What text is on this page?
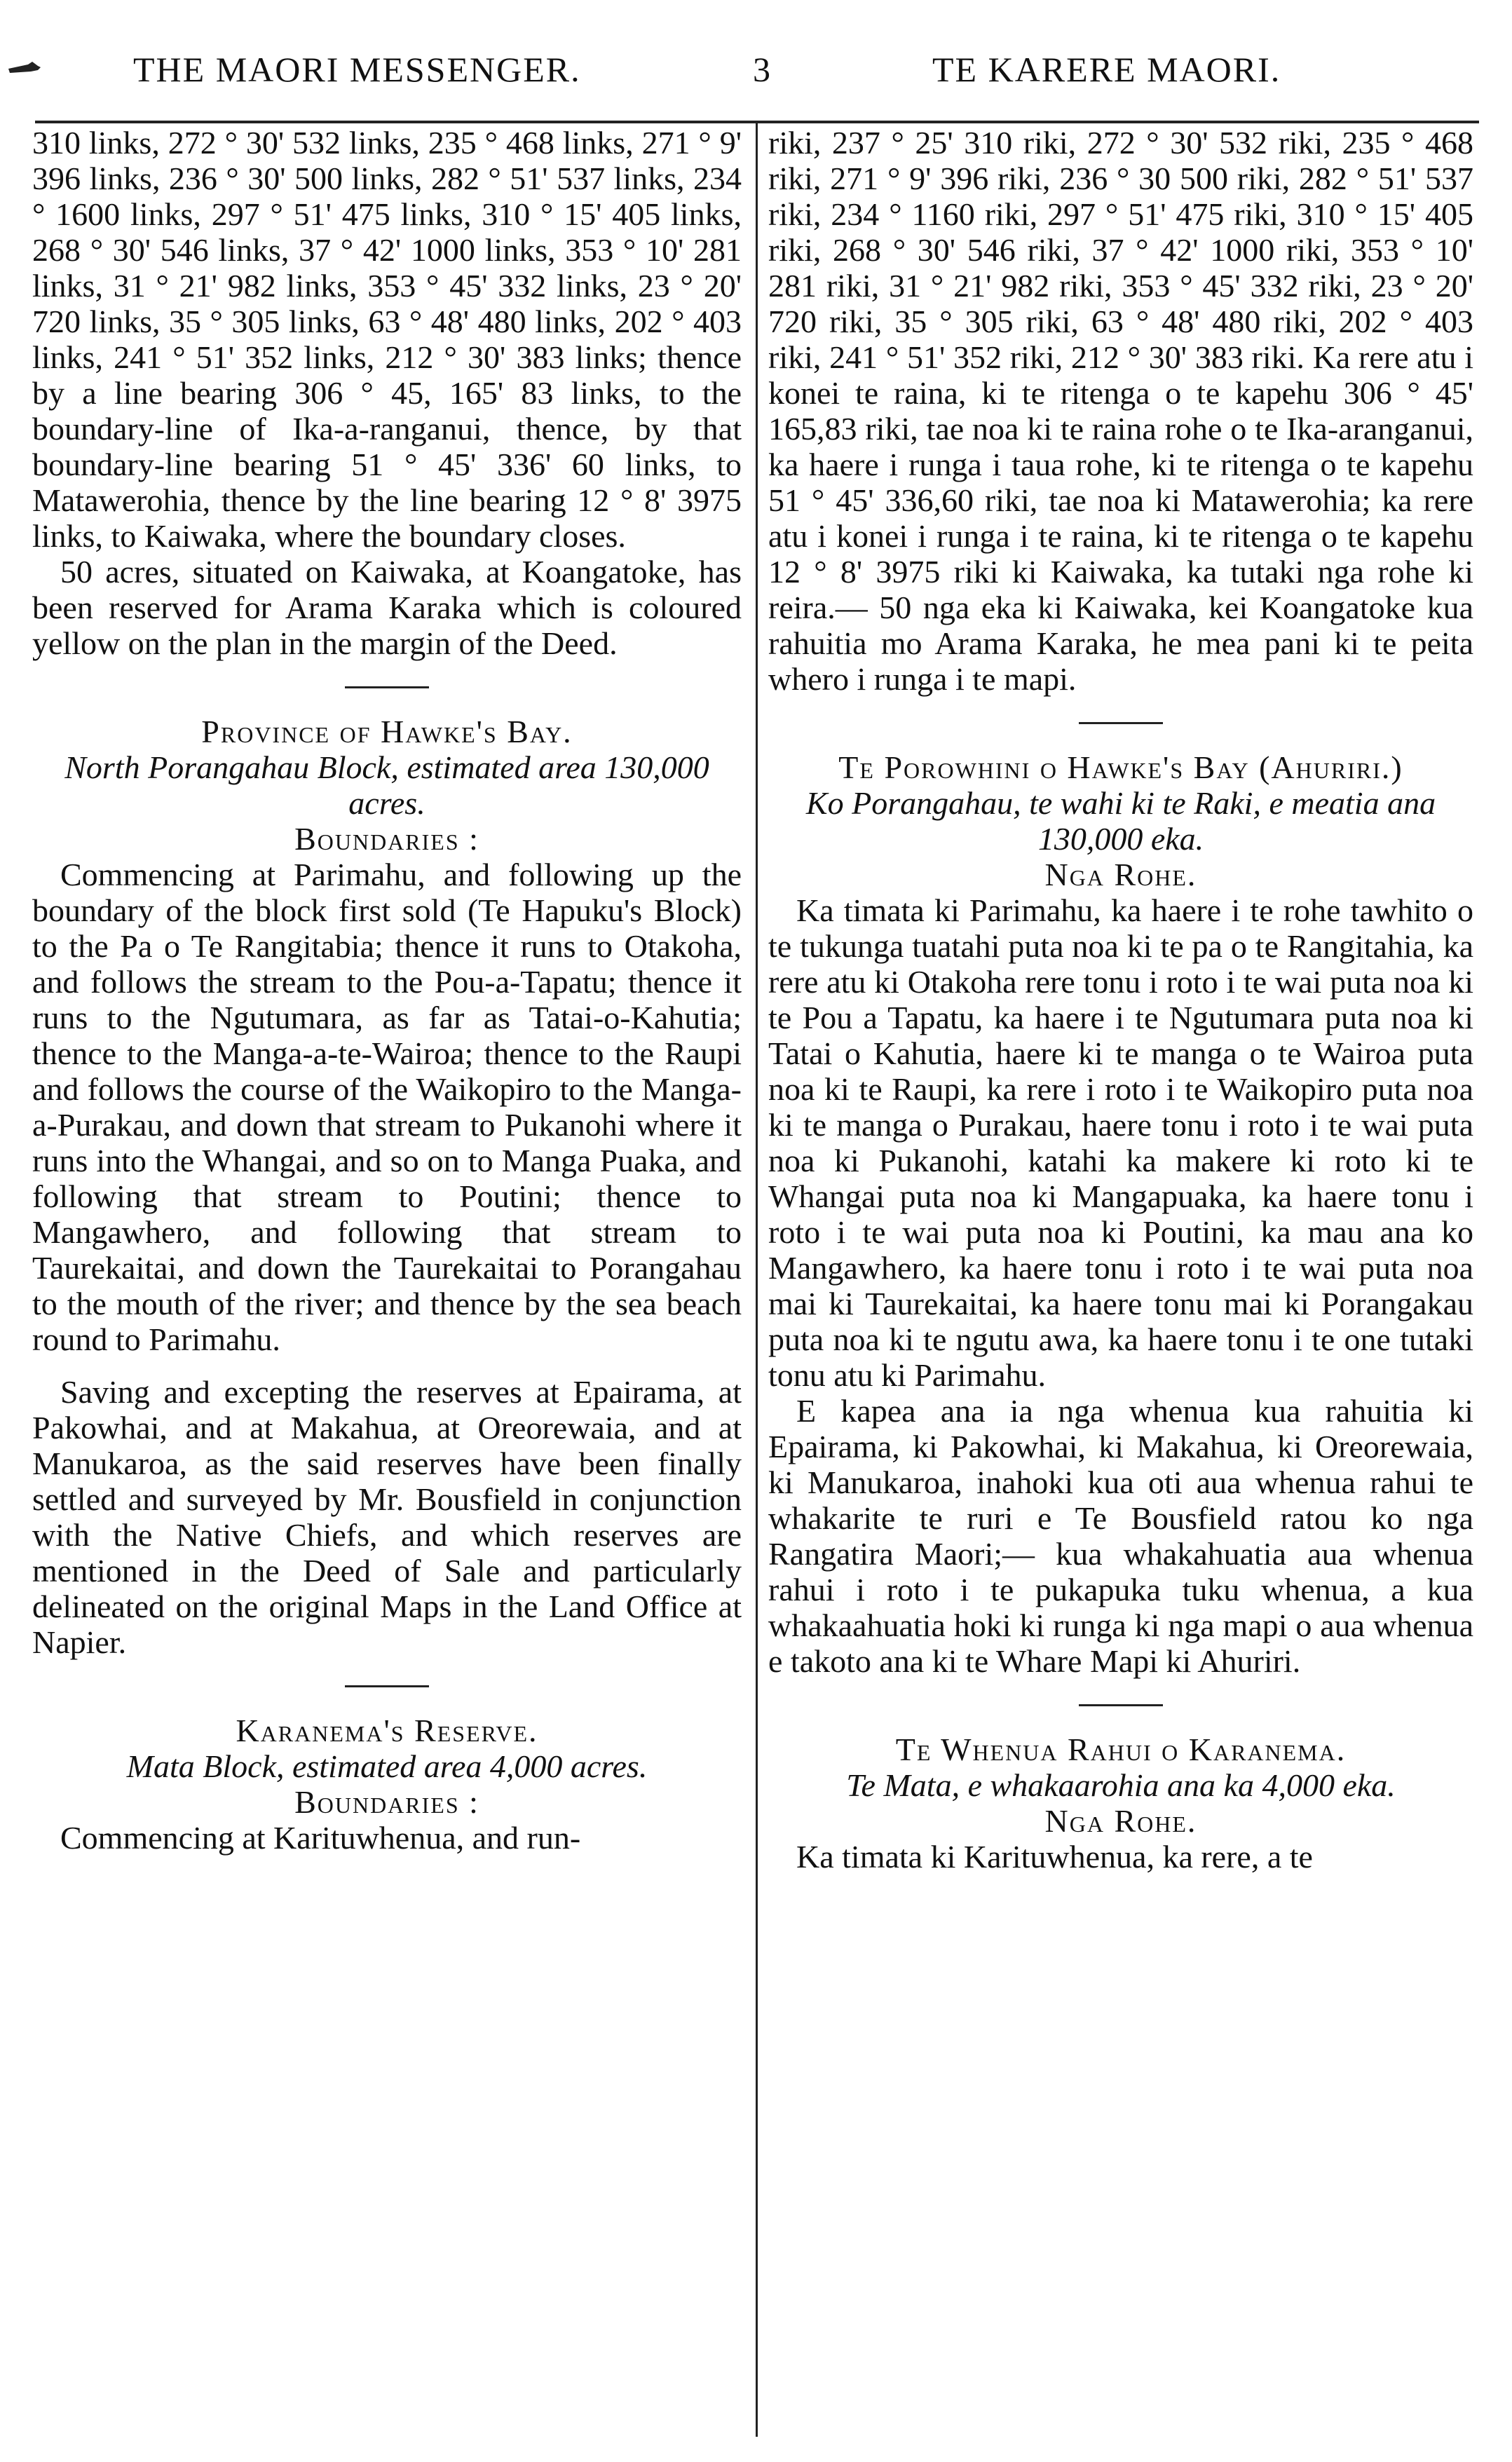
THE MAORI MESSENGER.	3	TE KARERE MAORI.

310 links, 272 ° 30' 532 links, 235 ° 468 links, 271 ° 9' 396 links, 236 ° 30' 500 links, 282 ° 51' 537 links, 234 ° 1600 links, 297 ° 51' 475 links, 310 ° 15' 405 links, 268 ° 30' 546 links, 37 ° 42' 1000 links, 353 ° 10' 281 links, 31 ° 21' 982 links, 353 ° 45' 332 links, 23 ° 20' 720 links, 35 ° 305 links, 63 ° 48' 480 links, 202 ° 403 links, 241 ° 51' 352 links, 212 ° 30' 383 links; thence by a line bearing 306 ° 45, 165' 83 links, to the boundary-line of Ika-a-ranganui, thence, by that boundary-line bearing 51 ° 45' 336' 60 links, to Matawerohia, thence by the line bearing 12 ° 8' 3975 links, to Kaiwaka, where the boundary closes.

50 acres, situated on Kaiwaka, at Koangatoke, has been reserved for Arama Karaka which is coloured yellow on the plan in the margin of the Deed.

Province of Hawke's Bay.

North Porangahau Block, estimated area 130,000 acres.

Boundaries :

Commencing at Parimahu, and following up the boundary of the block first sold (Te Hapuku's Block) to the Pa o Te Rangitabia; thence it runs to Otakoha, and follows the stream to the Pou-a-Tapatu; thence it runs to the Ngutumara, as far as Tatai-o-Kahutia; thence to the Manga-a-te-Wairoa; thence to the Raupi and follows the course of the Waikopiro to the Manga-a-Purakau, and down that stream to Pukanohi where it runs into the Whangai, and so on to Manga Puaka, and following that stream to Poutini; thence to Mangawhero, and following that stream to Taurekaitai, and down the Taurekaitai to Porangahau to the mouth of the river; and thence by the sea beach round to Parimahu.

Saving and excepting the reserves at Epairama, at Pakowhai, and at Makahua, at Oreorewaia, and at Manukaroa, as the said reserves have been finally settled and surveyed by Mr. Bousfield in conjunction with the Native Chiefs, and which reserves are mentioned in the Deed of Sale and particularly delineated on the original Maps in the Land Office at Napier.

Karanema's Reserve.

Mata Block, estimated area 4,000 acres.

Boundaries :

Commencing at Karituwhenua, and run-

riki, 237 ° 25' 310 riki, 272 ° 30' 532 riki, 235 ° 468 riki, 271 ° 9' 396 riki, 236 ° 30 500 riki, 282 ° 51' 537 riki, 234 ° 1160 riki, 297 ° 51' 475 riki, 310 ° 15' 405 riki, 268 ° 30' 546 riki, 37 ° 42' 1000 riki, 353 ° 10' 281 riki, 31 ° 21' 982 riki, 353 ° 45' 332 riki, 23 ° 20' 720 riki, 35 ° 305 riki, 63 ° 48' 480 riki, 202 ° 403 riki, 241 ° 51' 352 riki, 212 ° 30' 383 riki. Ka rere atu i konei te raina, ki te ritenga o te kapehu 306 ° 45' 165,83 riki, tae noa ki te raina rohe o te Ika-aranganui, ka haere i runga i taua rohe, ki te ritenga o te kapehu 51 ° 45' 336,60 riki, tae noa ki Matawerohia; ka rere atu i konei i runga i te raina, ki te ritenga o te kapehu 12 ° 8' 3975 riki ki Kaiwaka, ka tutaki nga rohe ki reira.— 50 nga eka ki Kaiwaka, kei Koangatoke kua rahuitia mo Arama Karaka, he mea pani ki te peita whero i runga i te mapi.

Te Porowhini o Hawke's Bay (Ahuriri.)

Ko Porangahau, te wahi ki te Raki, e meatia ana 130,000 eka.

Nga Rohe.

Ka timata ki Parimahu, ka haere i te rohe tawhito o te tukunga tuatahi puta noa ki te pa o te Rangitahia, ka rere atu ki Otakoha rere tonu i roto i te wai puta noa ki te Pou a Tapatu, ka haere i te Ngutumara puta noa ki Tatai o Kahutia, haere ki te manga o te Wairoa puta noa ki te Raupi, ka rere i roto i te Waikopiro puta noa ki te manga o Purakau, haere tonu i roto i te wai puta noa ki Pukanohi, katahi ka makere ki roto ki te Whangai puta noa ki Mangapuaka, ka haere tonu i roto i te wai puta noa ki Poutini, ka mau ana ko Mangawhero, ka haere tonu i roto i te wai puta noa mai ki Taurekaitai, ka haere tonu mai ki Porangakau puta noa ki te ngutu awa, ka haere tonu i te one tutaki tonu atu ki Parimahu.

E kapea ana ia nga whenua kua rahuitia ki Epairama, ki Pakowhai, ki Makahua, ki Oreorewaia, ki Manukaroa, inahoki kua oti aua whenua rahui te whakarite te ruri e Te Bousfield ratou ko nga Rangatira Maori;— kua whakahuatia aua whenua rahui i roto i te pukapuka tuku whenua, a kua whakaahuatia hoki ki runga ki nga mapi o aua whenua e takoto ana ki te Whare Mapi ki Ahuriri.

Te Whenua Rahui o Karanema.

Te Mata, e whakaarohia ana ka 4,000 eka.

Nga Rohe.

Ka timata ki Karituwhenua, ka rere, a te
